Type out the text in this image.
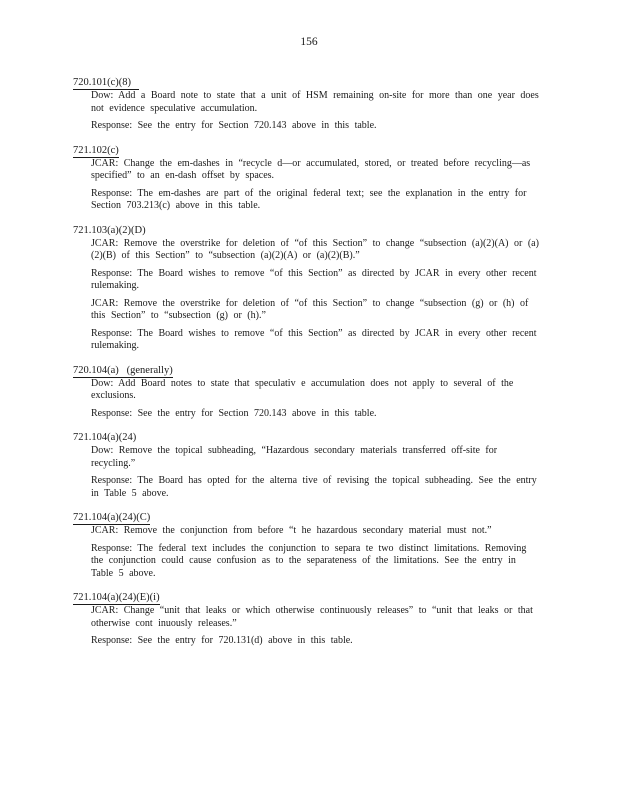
156
720.101(c)(8)

Dow: Add a Board note to state that a unit of HSM remaining on-site for more than one year does not evidence speculative accumulation.

Response: See the entry for Section 720.143 above in this table.

721.102(c)

JCAR: Change the em-dashes in “recycle d—or accumulated, stored, or treated before recycling—as specified” to an en-dash offset by spaces.

Response: The em-dashes are part of the original federal text; see the explanation in the entry for Section 703.213(c) above in this table.

721.103(a)(2)(D)

JCAR: Remove the overstrike for deletion of “of this Section” to change “subsection (a)(2)(A) or (a)(2)(B) of this Section” to “subsection (a)(2)(A) or (a)(2)(B).”

Response: The Board wishes to remove “of this Section” as directed by JCAR in every other recent rulemaking.

JCAR: Remove the overstrike for deletion of “of this Section” to change “subsection (g) or (h) of this Section” to “subsection (g) or (h).”

Response: The Board wishes to remove “of this Section” as directed by JCAR in every other recent rulemaking.

720.104(a)   (generally)

Dow: Add Board notes to state that speculativ e accumulation does not apply to several of the exclusions.

Response: See the entry for Section 720.143 above in this table.

721.104(a)(24)

Dow: Remove the topical subheading, “Hazardous secondary materials transferred off-site for recycling.”

Response: The Board has opted for the alterna tive of revising the topical subheading. See the entry in Table 5 above.

721.104(a)(24)(C)

JCAR: Remove the conjunction from before “t he hazardous secondary material must not.”

Response: The federal text includes the conjunction to separa te two distinct limitations. Removing the conjunction could cause confusion as to the separateness of the limitations. See the entry in Table 5 above.

721.104(a)(24)(E)(i)

JCAR: Change “unit that leaks or which otherwise continuously releases” to “unit that leaks or that otherwise cont inuously releases.”

Response: See the entry for 720.131(d) above in this table.
